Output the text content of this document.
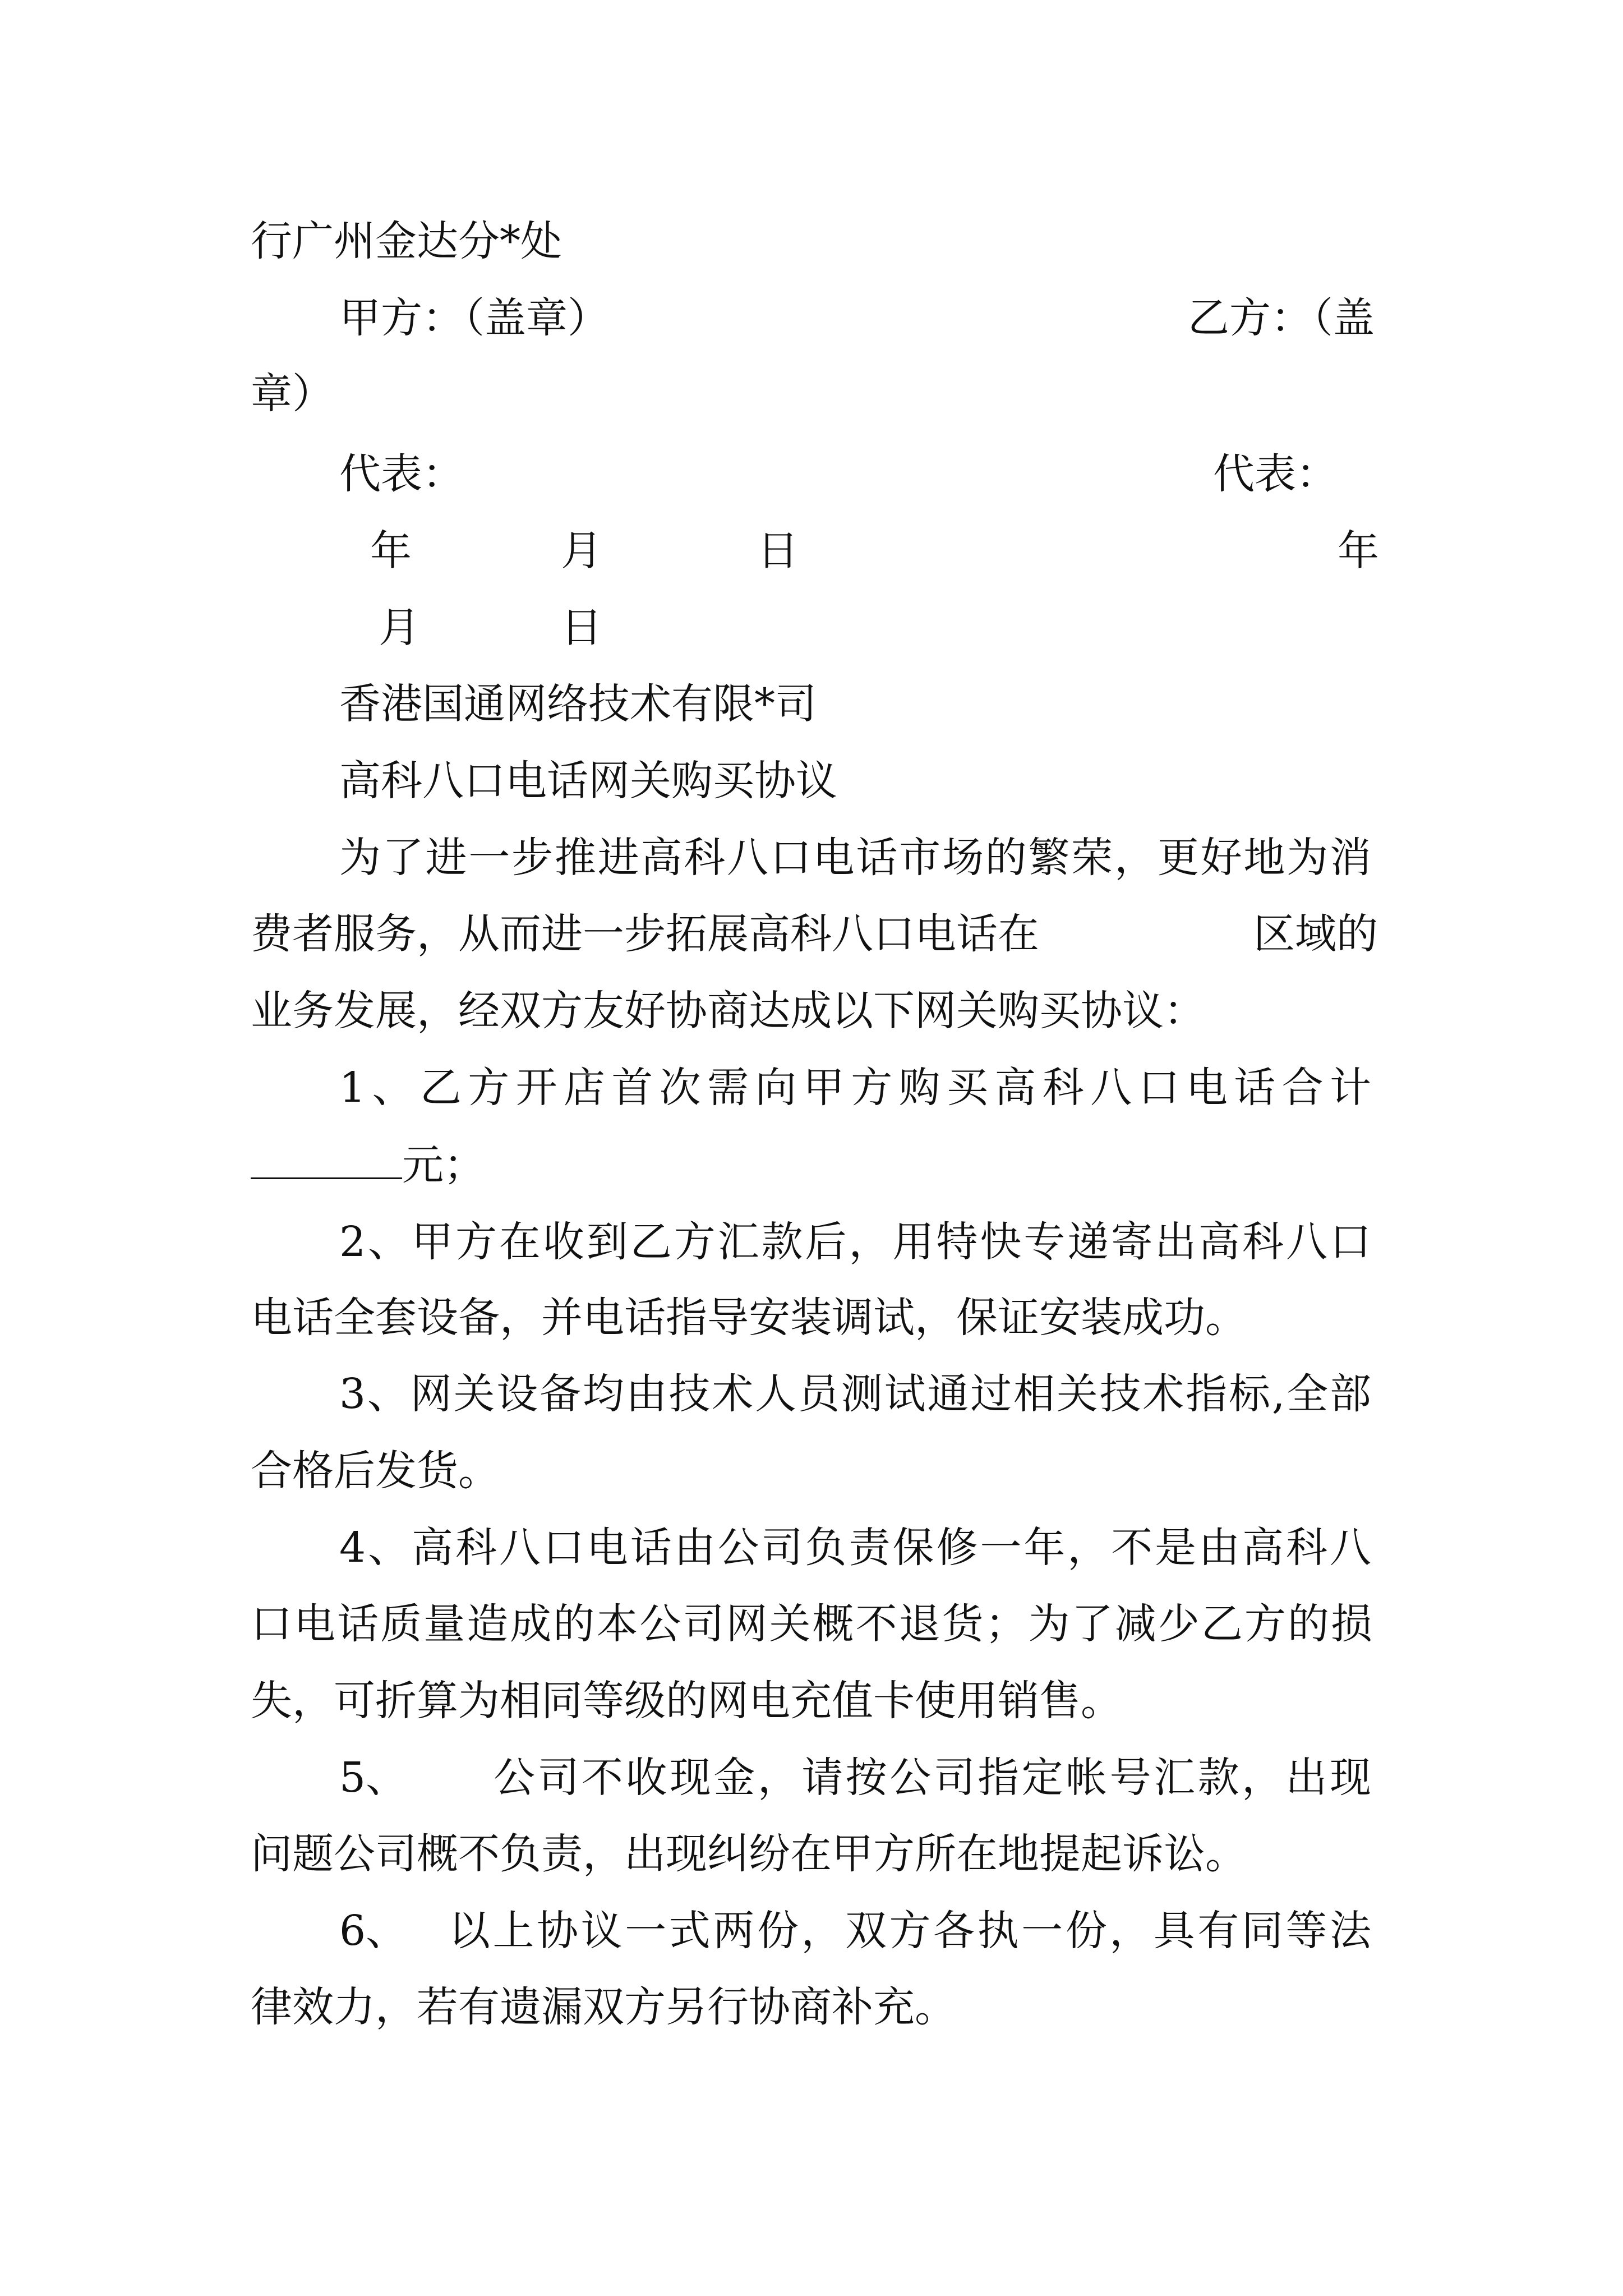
行广州金达分*处
甲方：（盖章）	乙方：（盖
章）
代表：	代表：
年	月	日	年
月	日
香港国通网络技术有限*司
高科八口电话网关购买协议
为了进一步推进高科八口电话市场的繁荣，更好地为消
费者服务，从而进一步拓展高科八口电话在	区域的
业务发展，经双方友好协商达成以下网关购买协议：
1、乙方开店首次需向甲方购买高科八口电话合计
元；
2、甲方在收到乙方汇款后，用特快专递寄出高科八口
电话全套设备，并电话指导安装调试，保证安装成功。
3、网关设备均由技术人员测试通过相关技术指标,全部
合格后发货。
4、高科八口电话由公司负责保修一年，不是由高科八
口电话质量造成的本公司网关概不退货；为了减少乙方的损
失，可折算为相同等级的网电充值卡使用销售。
5、 公司不收现金，请按公司指定帐号汇款，出现
问题公司概不负责，出现纠纷在甲方所在地提起诉讼。
6、 以上协议一式两份，双方各执一份，具有同等法
律效力，若有遗漏双方另行协商补充。
